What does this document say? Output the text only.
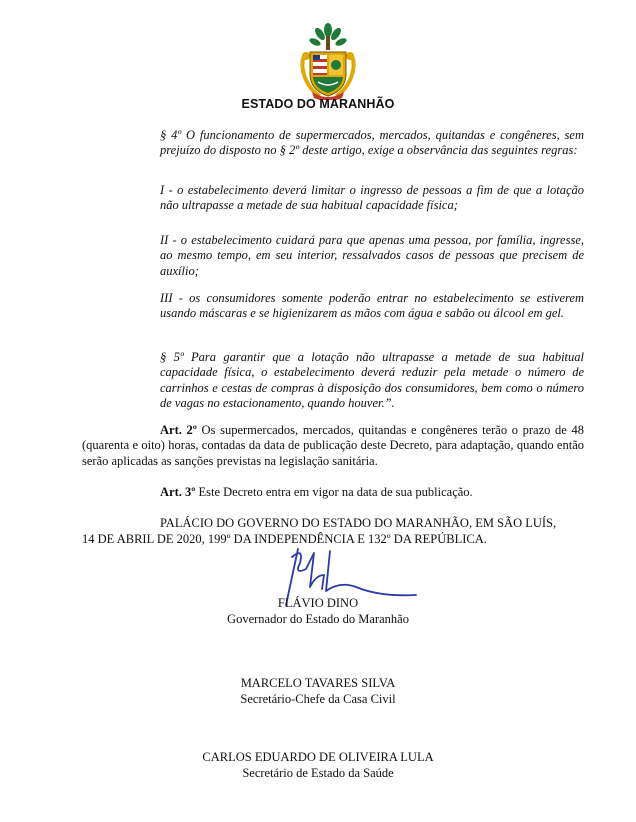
ESTADO DO MARANHÃO

§ 4º O funcionamento de supermercados, mercados, quitandas e congêneres, sem prejuízo do disposto no § 2º deste artigo, exige a observância das seguintes regras:

I - o estabelecimento deverá limitar o ingresso de pessoas a fim de que a lotação não ultrapasse a metade de sua habitual capacidade física;

II - o estabelecimento cuidará para que apenas uma pessoa, por família, ingresse, ao mesmo tempo, em seu interior, ressalvados casos de pessoas que precisem de auxílio;

III - os consumidores somente poderão entrar no estabelecimento se estiverem usando máscaras e se higienizarem as mãos com água e sabão ou álcool em gel.

§ 5º Para garantir que a lotação não ultrapasse a metade de sua habitual capacidade física, o estabelecimento deverá reduzir pela metade o número de carrinhos e cestas de compras à disposição dos consumidores, bem como o número de vagas no estacionamento, quando houver.”.

Art. 2º Os supermercados, mercados, quitandas e congêneres terão o prazo de 48 (quarenta e oito) horas, contadas da data de publicação deste Decreto, para adaptação, quando então serão aplicadas as sanções previstas na legislação sanitária.

Art. 3º Este Decreto entra em vigor na data de sua publicação.

PALÁCIO DO GOVERNO DO ESTADO DO MARANHÃO, EM SÃO LUÍS,
14 DE ABRIL DE 2020, 199º DA INDEPENDÊNCIA E 132º DA REPÚBLICA.

FLÁVIO DINO

Governador do Estado do Maranhão

MARCELO TAVARES SILVA

Secretário-Chefe da Casa Civil

CARLOS EDUARDO DE OLIVEIRA LULA

Secretário de Estado da Saúde
